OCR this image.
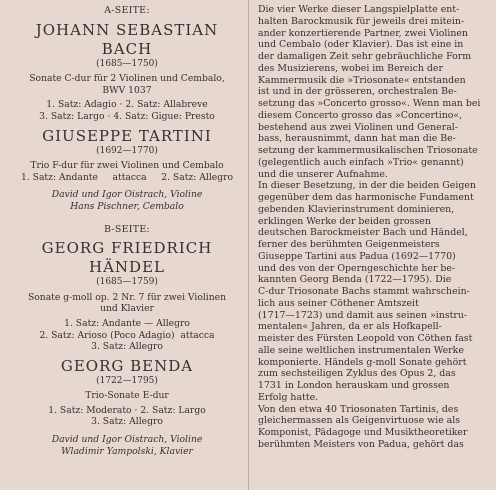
A-SEITE:
JOHANN SEBASTIAN BACH
(1685—1750)
Sonate C-dur für 2 Violinen und Cembalo,
BWV 1037
1. Satz: Adagio · 2. Satz: Allabreve
3. Satz: Largo · 4. Satz: Gigue: Presto
GIUSEPPE TARTINI
(1692—1770)
Trio F-dur für zwei Violinen und Cembalo
1. Satz: Andante     attacca     2. Satz: Allegro
David und Igor Oistrach, Violine
Hans Pischner, Cembalo
B-SEITE:
GEORG FRIEDRICH HÄNDEL
(1685—1759)
Sonate g-moll op. 2 Nr. 7 für zwei Violinen
und Klavier
1. Satz: Andante — Allegro
2. Satz: Arioso (Poco Adagio)  attacca
3. Satz: Allegro
GEORG BENDA
(1722—1795)
Trio-Sonate E-dur
1. Satz: Moderato · 2. Satz: Largo
3. Satz: Allegro
David und Igor Oistrach, Violine
Wladimir Yampolski, Klavier

Die vier Werke dieser Langspielplatte ent-

halten Barockmusik für jeweils drei mitein-

ander konzertierende Partner, zwei Violinen

und Cembalo (oder Klavier). Das ist eine in

der damaligen Zeit sehr gebräuchliche Form

des Musizierens, wobei im Bereich der

Kammermusik die »Triosonate« entstanden

ist und in der grösseren, orchestralen Be-

setzung das »Concerto grosso«. Wenn man bei

diesem Concerto grosso das »Concertino«,

bestehend aus zwei Violinen und General-

bass, herausnimmt, dann hat man die Be-

setzung der kammermusikalischen Triosonate

(gelegentlich auch einfach »Trio« genannt)

und die unserer Aufnahme.

In dieser Besetzung, in der die beiden Geigen

gegenüber dem das harmonische Fundament

gebenden Klavierinstrument dominieren,

erklingen Werke der beiden grossen

deutschen Barockmeister Bach und Händel,

ferner des berühmten Geigenmeisters

Giuseppe Tartini aus Padua (1692—1770)

und des von der Operngeschichte her be-

kannten Georg Benda (1722—1795). Die

C-dur Triosonate Bachs stammt wahrschein-

lich aus seiner Cöthener Amtszeit

(1717—1723) und damit aus seinen »instru-

mentalen« Jahren, da er als Hofkapell-

meister des Fürsten Leopold von Cöthen fast

alle seine weltlichen instrumentalen Werke

komponierte. Händels g-moll Sonate gehört

zum sechsteiligen Zyklus des Opus 2, das

1731 in London herauskam und grossen

Erfolg hatte.

Von den etwa 40 Triosonaten Tartinis, des

gleichermassen als Geigenvirtuose wie als

Komponist, Pädagoge und Musiktheoretiker

berühmten Meisters von Padua, gehört das
